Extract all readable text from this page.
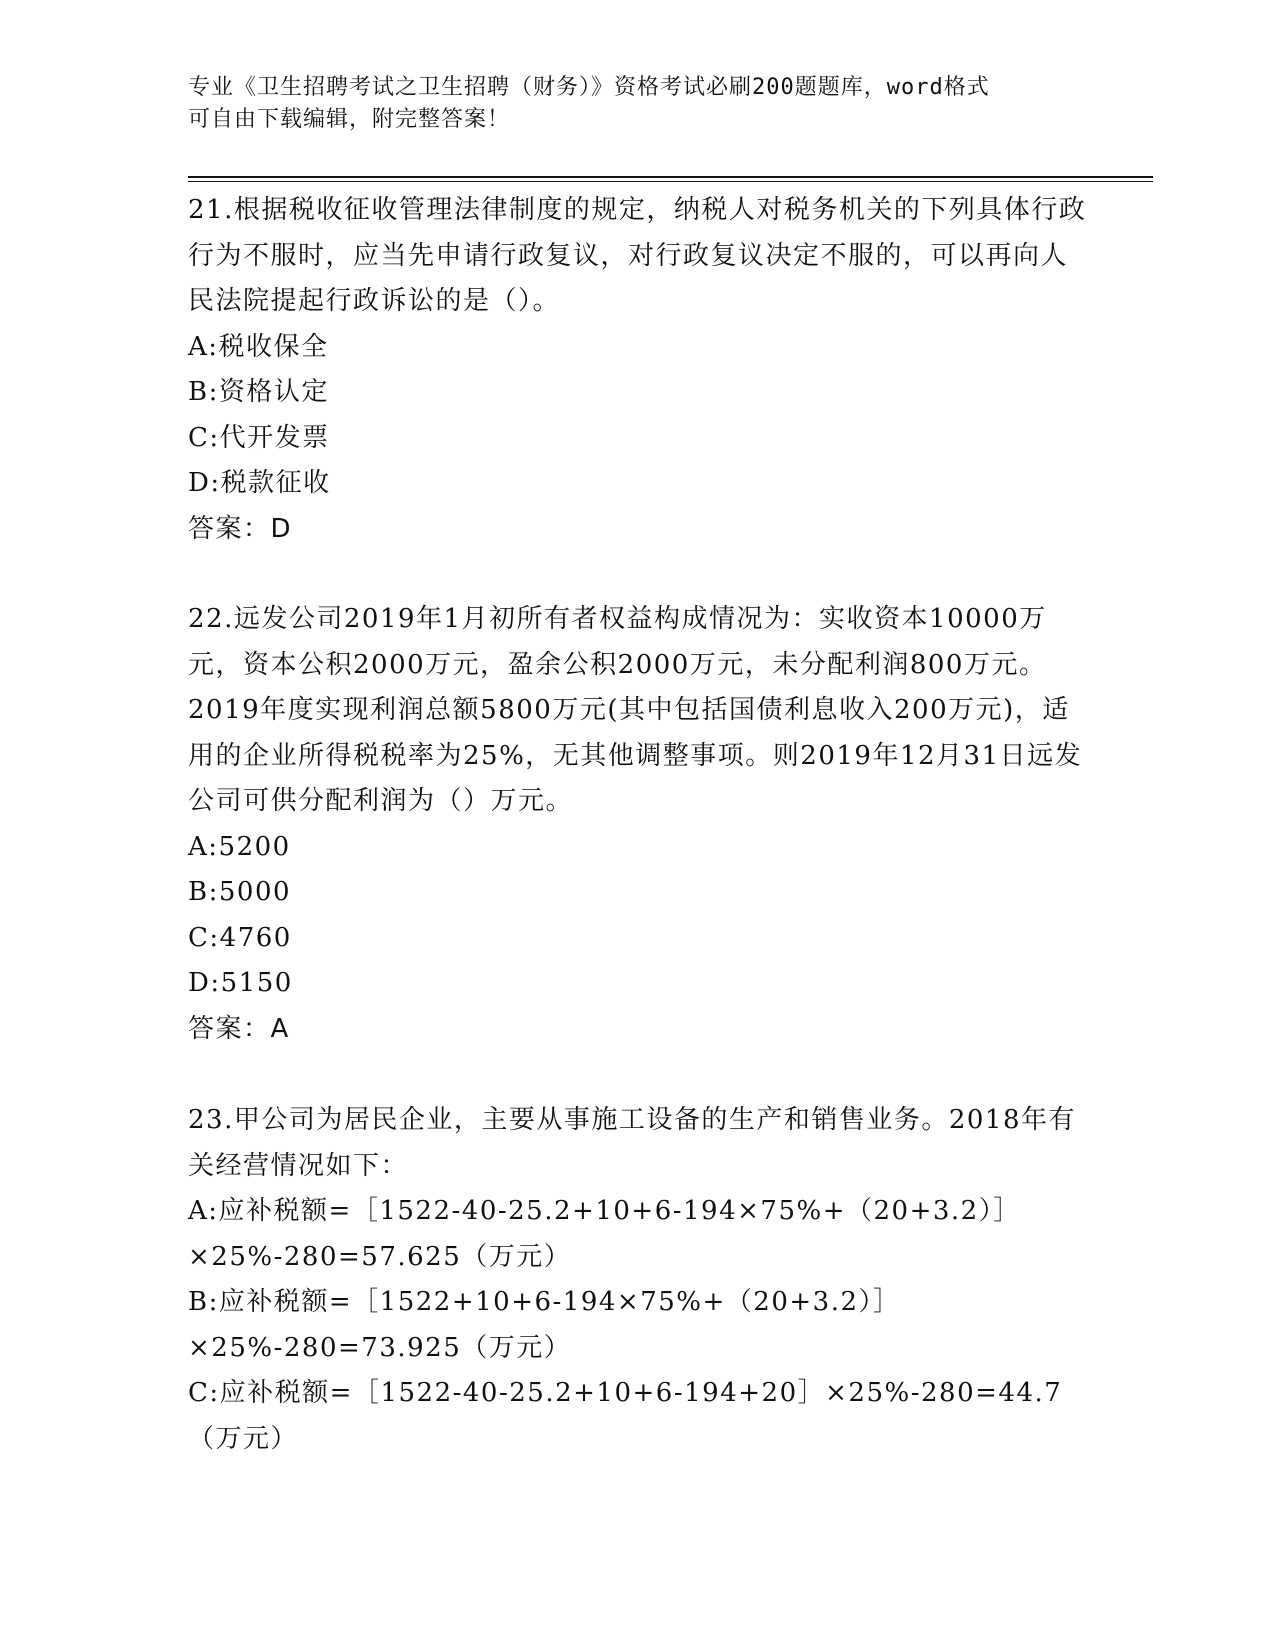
专业《卫生招聘考试之卫生招聘（财务）》资格考试必刷200题题库，word格式
可自由下载编辑，附完整答案！

21.根据税收征收管理法律制度的规定，纳税人对税务机关的下列具体行政行为不服时，应当先申请行政复议，对行政复议决定不服的，可以再向人民法院提起行政诉讼的是（）。

A:税收保全
B:资格认定
C:代开发票
D:税款征收
答案：D

22.远发公司2019年1月初所有者权益构成情况为：实收资本10000万元，资本公积2000万元，盈余公积2000万元，未分配利润800万元。2019年度实现利润总额5800万元(其中包括国债利息收入200万元)，适用的企业所得税税率为25%，无其他调整事项。则2019年12月31日远发公司可供分配利润为（）万元。

A:5200
B:5000
C:4760
D:5150
答案：A

23.甲公司为居民企业，主要从事施工设备的生产和销售业务。2018年有关经营情况如下：

A:应补税额=［1522-40-25.2+10+6-194×75%+（20+3.2）］×25%-280=57.625（万元）
B:应补税额=［1522+10+6-194×75%+（20+3.2）］×25%-280=73.925（万元）
C:应补税额=［1522-40-25.2+10+6-194+20］×25%-280=44.7（万元）
